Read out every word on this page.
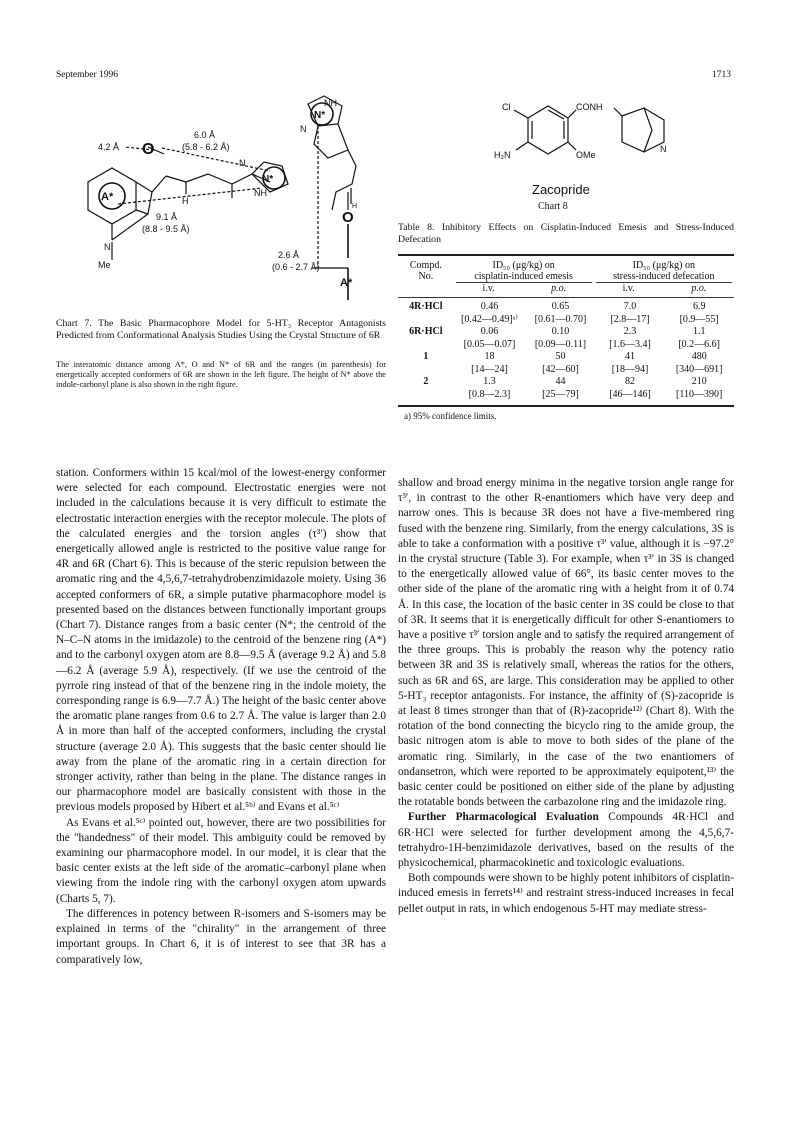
September 1996	1713
4.2 Å O
6.0 Å
(5.8 - 6.2 Å)
A*
N*
N
NH
H
9.1 Å
(8.8 - 9.5 Å)
N
Me
NH
N*
N
H
O
2.6 Å
(0.6 - 2.7 Å)
A*
Chart 7. The Basic Pharmacophore Model for 5-HT₃ Receptor Antagonists Predicted from Conformational Analysis Studies Using the Crystal Structure of 6R
The interatomic distance among A*, O and N* of 6R and the ranges (in parenthesis) for energetically accepted conformers of 6R are shown in the left figure. The height of N* above the indole-carbonyl plane is also shown in the right figure.
Cl	CONH
H₂N	OMe
N
Zacopride
Chart 8
Table 8. Inhibitory Effects on Cisplatin-Induced Emesis and Stress-Induced Defecation
Compd.	ID₅₀ (μg/kg) on		ID₅₀ (μg/kg) on	
No.	cisplatin-induced emesis		stress-induced defecation	

	i.v.	p.o.	i.v.	p.o.
4R·HCl	0.46	0.65	7.0	6.9
	[0.42—0.49]ᵃ⁾	[0.61—0.70]	[2.8—17]	[0.9—55]
6R·HCl	0.06	0.10	2.3	1.1
	[0.05—0.07]	[0.09—0.11]	[1.6—3.4]	[0.2—6.6]
1	18	50	41	480
	[14—24]	[42—60]	[18—94]	[340—691]
2	1.3	44	82	210
	[0.8—2.3]	[25—79]	[46—146]	[110—390]
a) 95% confidence limits.

station. Conformers within 15 kcal/mol of the lowest-energy conformer were selected for each compound. Electrostatic energies were not included in the calculations because it is very difficult to estimate the electrostatic interaction energies with the receptor molecule. The plots of the calculated energies and the torsion angles (τ³′) show that energetically allowed angle is restricted to the positive value range for 4R and 6R (Chart 6). This is because of the steric repulsion between the aromatic ring and the 4,5,6,7-tetrahydrobenzimidazole moiety. Using 36 accepted conformers of 6R, a simple putative pharmacophore model is presented based on the distances between functionally important groups (Chart 7). Distance ranges from a basic center (N*; the centroid of the N–C–N atoms in the imidazole) to the centroid of the benzene ring (A*) and to the carbonyl oxygen atom are 8.8—9.5 Å (average 9.2 Å) and 5.8—6.2 Å (average 5.9 Å), respectively. (If we use the centroid of the pyrrole ring instead of that of the benzene ring in the indole moiety, the corresponding range is 6.9—7.7 Å.) The height of the basic center above the aromatic plane ranges from 0.6 to 2.7 Å. The value is larger than 2.0 Å in more than half of the accepted conformers, including the crystal structure (average 2.0 Å). This suggests that the basic center should lie away from the plane of the aromatic ring in a certain direction for stronger activity, rather than being in the plane. The distance ranges in our pharmacophore model are basically consistent with those in the previous models proposed by Hibert et al.⁵ᵇ⁾ and Evans et al.⁵ᶜ⁾

As Evans et al.⁵ᶜ⁾ pointed out, however, there are two possibilities for the "handedness" of their model. This ambiguity could be removed by examining our pharmacophore model. In our model, it is clear that the basic center exists at the left side of the aromatic–carbonyl plane when viewing from the indole ring with the carbonyl oxygen atom upwards (Charts 5, 7).

The differences in potency between R-isomers and S-isomers may be explained in terms of the "chirality" in the arrangement of three important groups. In Chart 6, it is of interest to see that 3R has a comparatively low,

shallow and broad energy minima in the negative torsion angle range for τ³′, in contrast to the other R-enantiomers which have very deep and narrow ones. This is because 3R does not have a five-membered ring fused with the benzene ring. Similarly, from the energy calculations, 3S is able to take a conformation with a positive τ³′ value, although it is −97.2° in the crystal structure (Table 3). For example, when τ³′ in 3S is changed to the energetically allowed value of 66°, its basic center moves to the other side of the plane of the aromatic ring with a height from it of 0.74 Å. In this case, the location of the basic center in 3S could be close to that of 3R. It seems that it is energetically difficult for other S-enantiomers to have a positive τ³′ torsion angle and to satisfy the required arrangement of the three groups. This is probably the reason why the potency ratio between 3R and 3S is relatively small, whereas the ratios for the others, such as 6R and 6S, are large. This consideration may be applied to other 5-HT₃ receptor antagonists. For instance, the affinity of (S)-zacopride is at least 8 times stronger than that of (R)-zacopride¹²⁾ (Chart 8). With the rotation of the bond connecting the bicyclo ring to the amide group, the basic nitrogen atom is able to move to both sides of the plane of the aromatic ring. Similarly, in the case of the two enantiomers of ondansetron, which were reported to be approximately equipotent,¹³⁾ the basic center could be positioned on either side of the plane by adjusting the rotatable bonds between the carbazolone ring and the imidazole ring.

Further Pharmacological Evaluation Compounds 4R·HCl and 6R·HCl were selected for further development among the 4,5,6,7-tetrahydro-1H-benzimidazole derivatives, based on the results of the physicochemical, pharmacokinetic and toxicologic evaluations.

Both compounds were shown to be highly potent inhibitors of cisplatin-induced emesis in ferrets¹⁴⁾ and restraint stress-induced increases in fecal pellet output in rats, in which endogenous 5-HT may mediate stress-
